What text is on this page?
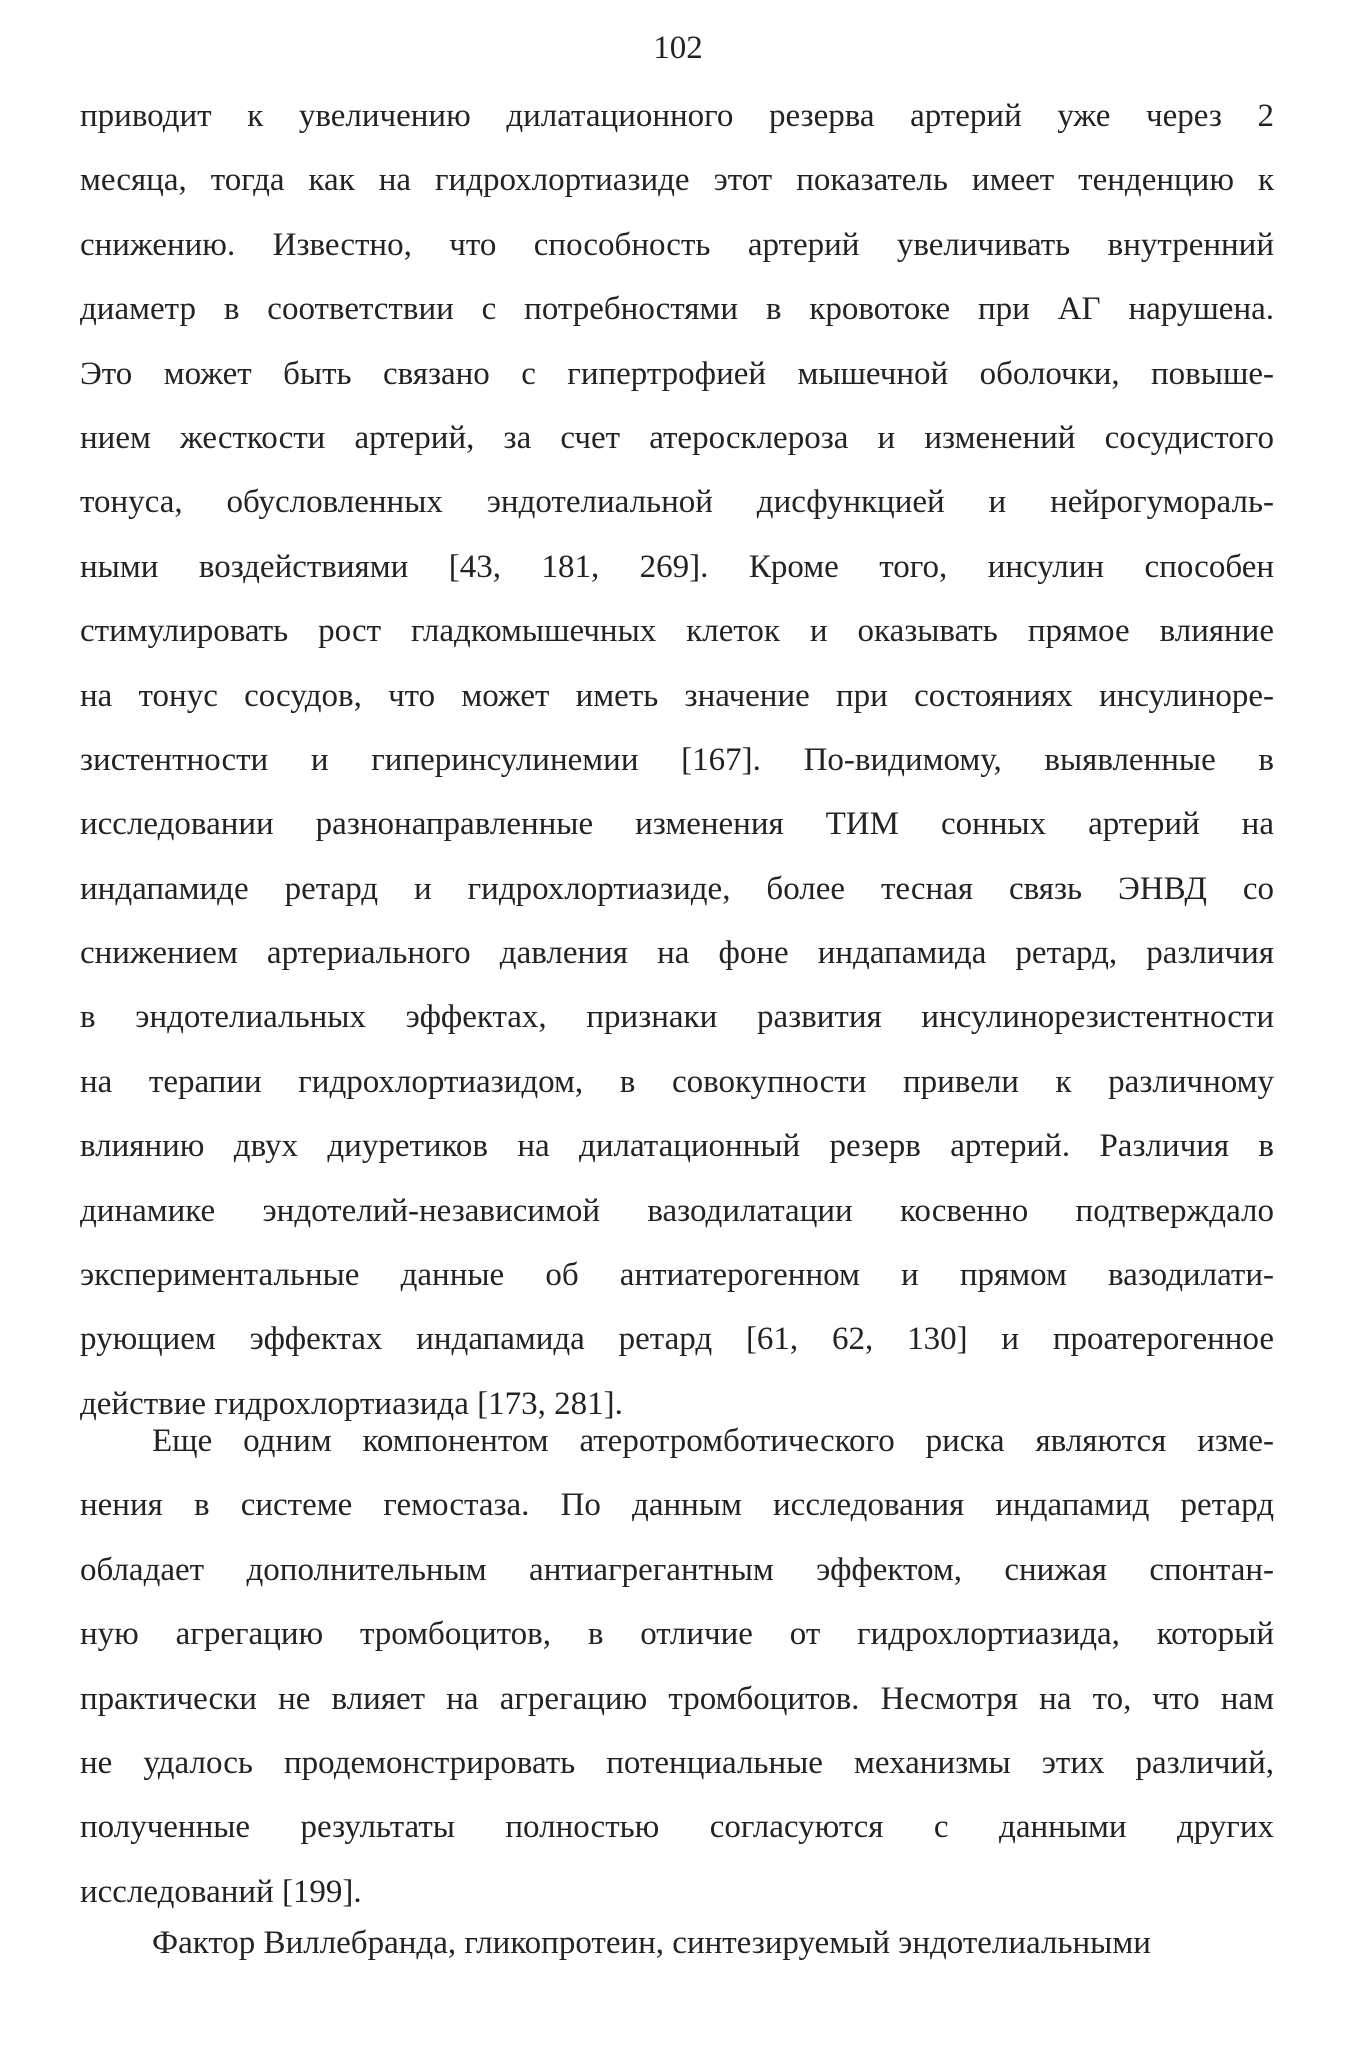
102
приводит к увеличению дилатационного резерва артерий уже через 2
месяца, тогда как на гидрохлортиазиде этот показатель имеет тенденцию к
снижению. Известно, что способность артерий увеличивать внутренний
диаметр в соответствии с потребностями в кровотоке при АГ нарушена.
Это может быть связано с гипертрофией мышечной оболочки, повыше-
нием жесткости артерий, за счет атеросклероза и изменений сосудистого
тонуса, обусловленных эндотелиальной дисфункцией и нейрогумораль-
ными воздействиями [43, 181, 269]. Кроме того, инсулин способен
стимулировать рост гладкомышечных клеток и оказывать прямое влияние
на тонус сосудов, что может иметь значение при состояниях инсулиноре-
зистентности и гиперинсулинемии [167]. По-видимому, выявленные в
исследовании разнонаправленные изменения ТИМ сонных артерий на
индапамиде ретард и гидрохлортиазиде, более тесная связь ЭНВД со
снижением артериального давления на фоне индапамида ретард, различия
в эндотелиальных эффектах, признаки развития инсулинорезистентности
на терапии гидрохлортиазидом, в совокупности привели к различному
влиянию двух диуретиков на дилатационный резерв артерий. Различия в
динамике эндотелий-независимой вазодилатации косвенно подтверждало
экспериментальные данные об антиатерогенном и прямом вазодилати-
рующием эффектах индапамида ретард [61, 62, 130] и проатерогенное
действие гидрохлортиазида [173, 281].
Еще одним компонентом атеротромботического риска являются изме-
нения в системе гемостаза. По данным исследования индапамид ретард
обладает дополнительным антиагрегантным эффектом, снижая спонтан-
ную агрегацию тромбоцитов, в отличие от гидрохлортиазида, который
практически не влияет на агрегацию тромбоцитов. Несмотря на то, что нам
не удалось продемонстрировать потенциальные механизмы этих различий,
полученные результаты полностью согласуются с данными других
исследований [199].
Фактор Виллебранда, гликопротеин, синтезируемый эндотелиальными
